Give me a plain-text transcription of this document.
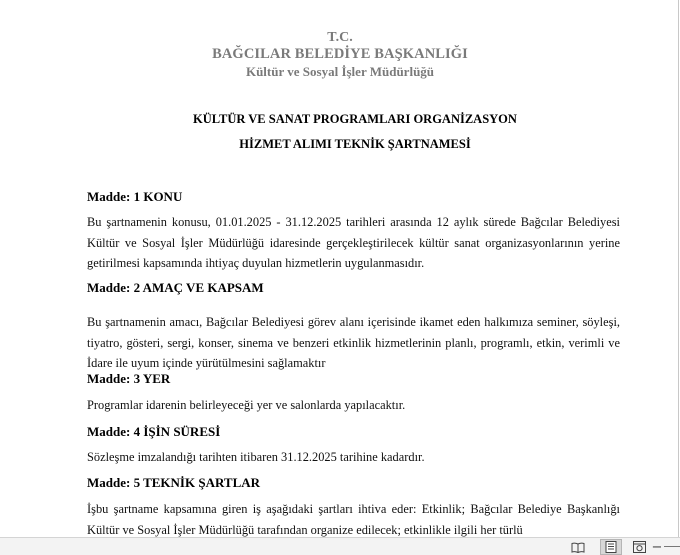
T.C.
BAĞCILAR BELEDİYE BAŞKANLIĞI
Kültür ve Sosyal İşler Müdürlüğü
KÜLTÜR VE SANAT PROGRAMLARI ORGANİZASYON
HİZMET ALIMI TEKNİK ŞARTNAMESİ
Madde: 1 KONU
Bu şartnamenin konusu, 01.01.2025 - 31.12.2025 tarihleri arasında 12 aylık sürede Bağcılar Belediyesi Kültür ve Sosyal İşler Müdürlüğü idaresinde gerçekleştirilecek kültür sanat organizasyonlarının yerine getirilmesi kapsamında ihtiyaç duyulan hizmetlerin uygulanmasıdır.
Madde: 2 AMAÇ VE KAPSAM
Bu şartnamenin amacı, Bağcılar Belediyesi görev alanı içerisinde ikamet eden halkımıza seminer, söyleşi, tiyatro, gösteri, sergi, konser, sinema ve benzeri etkinlik hizmetlerinin planlı, programlı, etkin, verimli ve İdare ile uyum içinde yürütülmesini sağlamaktır
Madde: 3 YER
Programlar idarenin belirleyeceği yer ve salonlarda yapılacaktır.
Madde: 4 İŞİN SÜRESİ
Sözleşme imzalandığı tarihten itibaren 31.12.2025 tarihine kadardır.
Madde: 5 TEKNİK ŞARTLAR
İşbu şartname kapsamına giren iş aşağıdaki şartları ihtiva eder: Etkinlik; Bağcılar Belediye Başkanlığı Kültür ve Sosyal İşler Müdürlüğü tarafından organize edilecek; etkinlikle ilgili her türlü
−
